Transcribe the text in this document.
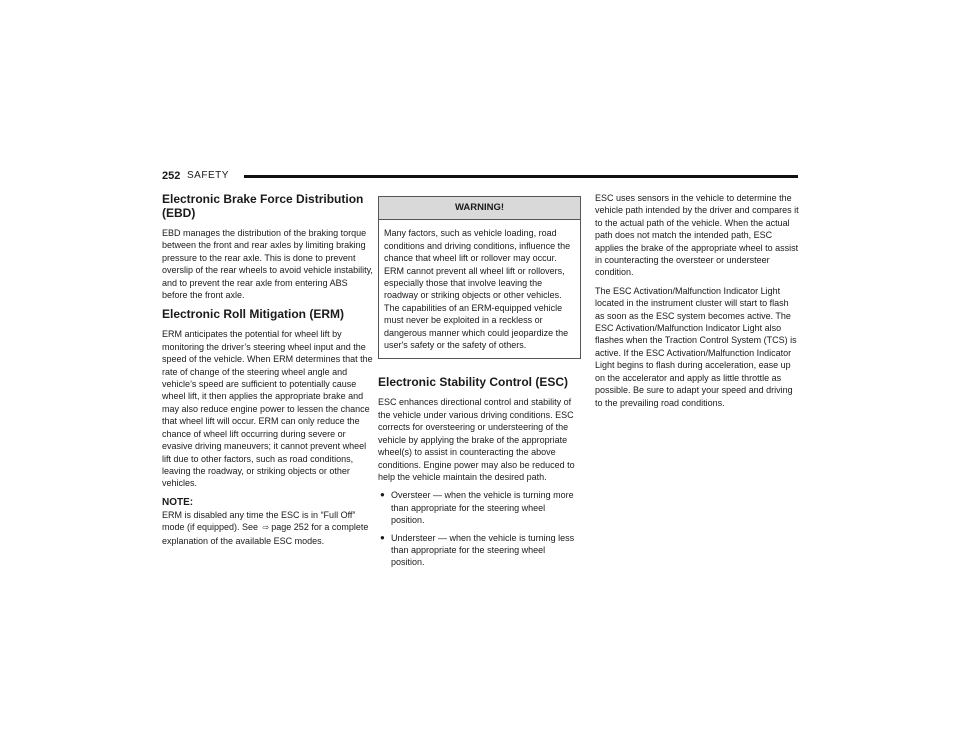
252 SAFETY
Electronic Brake Force Distribution (EBD)

EBD manages the distribution of the braking torque between the front and rear axles by limiting braking pressure to the rear axle. This is done to prevent overslip of the rear wheels to avoid vehicle instability, and to prevent the rear axle from entering ABS before the front axle.

Electronic Roll Mitigation (ERM)

ERM anticipates the potential for wheel lift by monitoring the driver’s steering wheel input and the speed of the vehicle. When ERM determines that the rate of change of the steering wheel angle and vehicle’s speed are sufficient to potentially cause wheel lift, it then applies the appropriate brake and may also reduce engine power to lessen the chance that wheel lift will occur. ERM can only reduce the chance of wheel lift occurring during severe or evasive driving maneuvers; it cannot prevent wheel lift due to other factors, such as road conditions, leaving the roadway, or striking objects or other vehicles.

NOTE:

ERM is disabled any time the ESC is in “Full Off” mode (if equipped). See ⇨ page 252 for a complete explanation of the available ESC modes.

WARNING!
Many factors, such as vehicle loading, road conditions and driving conditions, influence the chance that wheel lift or rollover may occur. ERM cannot prevent all wheel lift or rollovers, especially those that involve leaving the roadway or striking objects or other vehicles. The capabilities of an ERM-equipped vehicle must never be exploited in a reckless or dangerous manner which could jeopardize the user's safety or the safety of others.
Electronic Stability Control (ESC)

ESC enhances directional control and stability of the vehicle under various driving conditions. ESC corrects for oversteering or understeering of the vehicle by applying the brake of the appropriate wheel(s) to assist in counteracting the above conditions. Engine power may also be reduced to help the vehicle maintain the desired path.

● Oversteer — when the vehicle is turning more than appropriate for the steering wheel position.
● Understeer — when the vehicle is turning less than appropriate for the steering wheel position.

ESC uses sensors in the vehicle to determine the vehicle path intended by the driver and compares it to the actual path of the vehicle. When the actual path does not match the intended path, ESC applies the brake of the appropriate wheel to assist in counteracting the oversteer or understeer condition.

The ESC Activation/Malfunction Indicator Light located in the instrument cluster will start to flash as soon as the ESC system becomes active. The ESC Activation/Malfunction Indicator Light also flashes when the Traction Control System (TCS) is active. If the ESC Activation/Malfunction Indicator Light begins to flash during acceleration, ease up on the accelerator and apply as little throttle as possible. Be sure to adapt your speed and driving to the prevailing road conditions.
